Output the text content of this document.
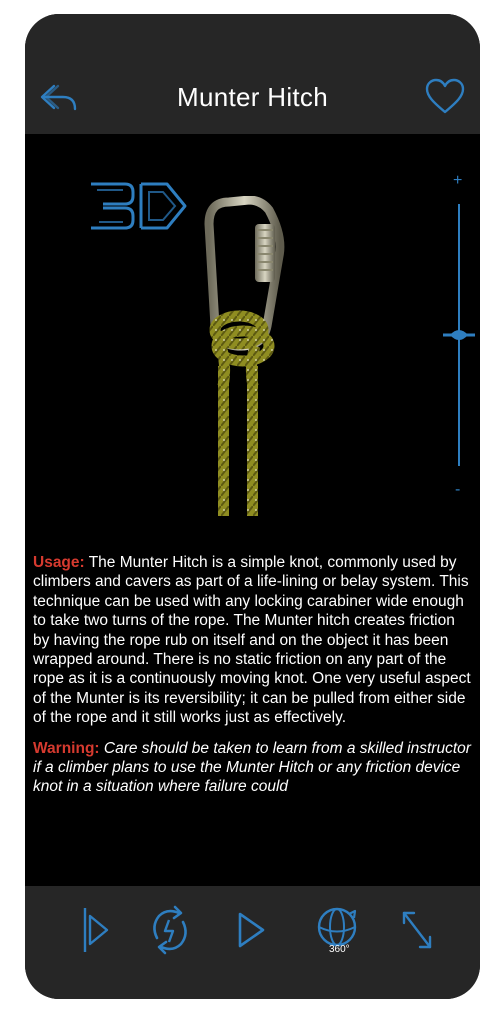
Munter Hitch
+
-

Usage: The Munter Hitch is a simple knot, commonly used by climbers and cavers as part of a life-lining or belay system. This technique can be used with any locking carabiner wide enough to take two turns of the rope. The Munter hitch creates friction by having the rope rub on itself and on the object it has been wrapped around. There is no static friction on any part of the rope as it is a continuously moving knot. One very useful aspect of the Munter is its reversibility; it can be pulled from either side of the rope and it still works just as effectively.

Warning: Care should be taken to learn from a skilled instructor if a climber plans to use the Munter Hitch or any friction device knot in a situation where failure could

360°
